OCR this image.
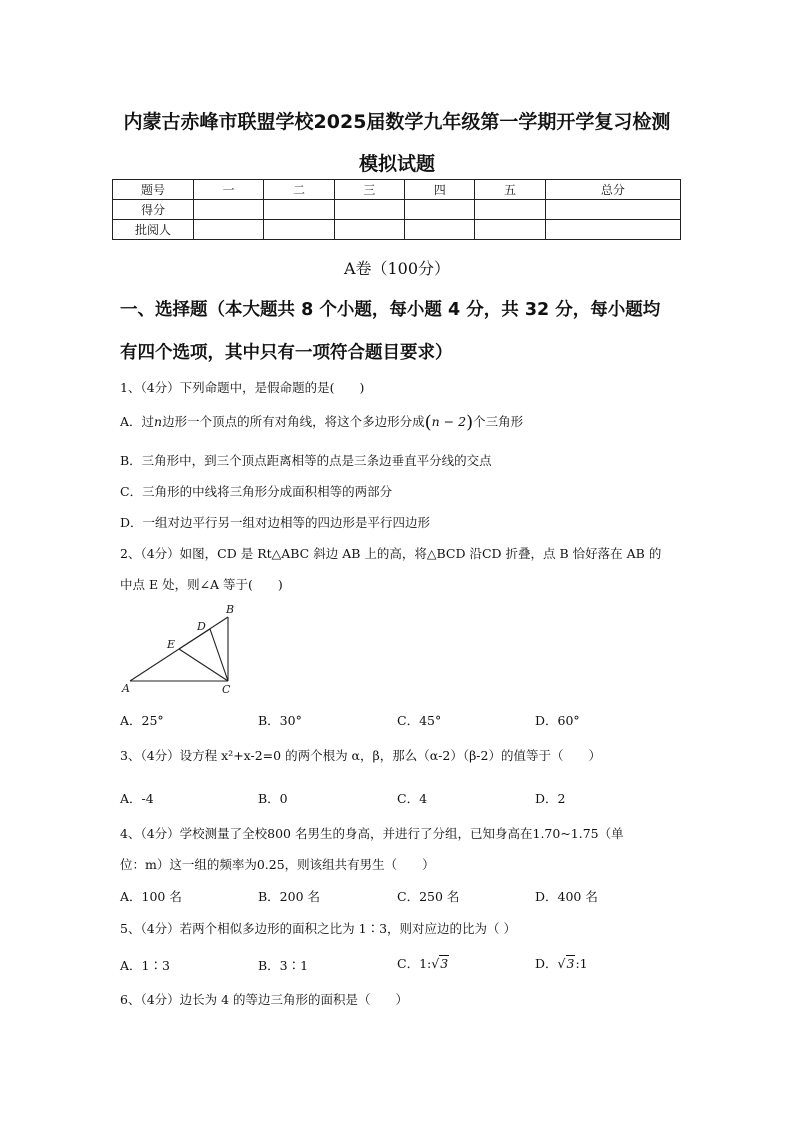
内蒙古赤峰市联盟学校2025届数学九年级第一学期开学复习检测
模拟试题
题号	一	二	三	四	五	总分
得分						
批阅人						
A卷（100分）
一、选择题（本大题共 8 个小题，每小题 4 分，共 32 分，每小题均
有四个选项，其中只有一项符合题目要求）
1、（4分）下列命题中，是假命题的是(　　)
A．过n边形一个顶点的所有对角线，将这个多边形分成(n − 2)个三角形
B．三角形中，到三个顶点距离相等的点是三条边垂直平分线的交点
C．三角形的中线将三角形分成面积相等的两部分
D．一组对边平行另一组对边相等的四边形是平行四边形
2、（4分）如图，CD 是 Rt△ABC 斜边 AB 上的高，将△BCD 沿CD 折叠，点 B 恰好落在 AB 的
中点 E 处，则∠A 等于(　　)
A
B
C
D
E
A．25°	B．30°	C．45°	D．60°
3、（4分）设方程 x²+x-2=0 的两个根为 α，β，那么（α-2）（β-2）的值等于（　　）
A．-4	B．0	C．4	D．2
4、（4分）学校测量了全校800 名男生的身高，并进行了分组，已知身高在1.70~1.75（单
位：m）这一组的频率为0.25，则该组共有男生（　　）
A．100 名	B．200 名	C．250 名	D．400 名
5、（4分）若两个相似多边形的面积之比为 1∶3，则对应边的比为（ ）
A．1∶3	B．3∶1	C．1:√3	D．√3:1
6、（4分）边长为 4 的等边三角形的面积是（　　）
